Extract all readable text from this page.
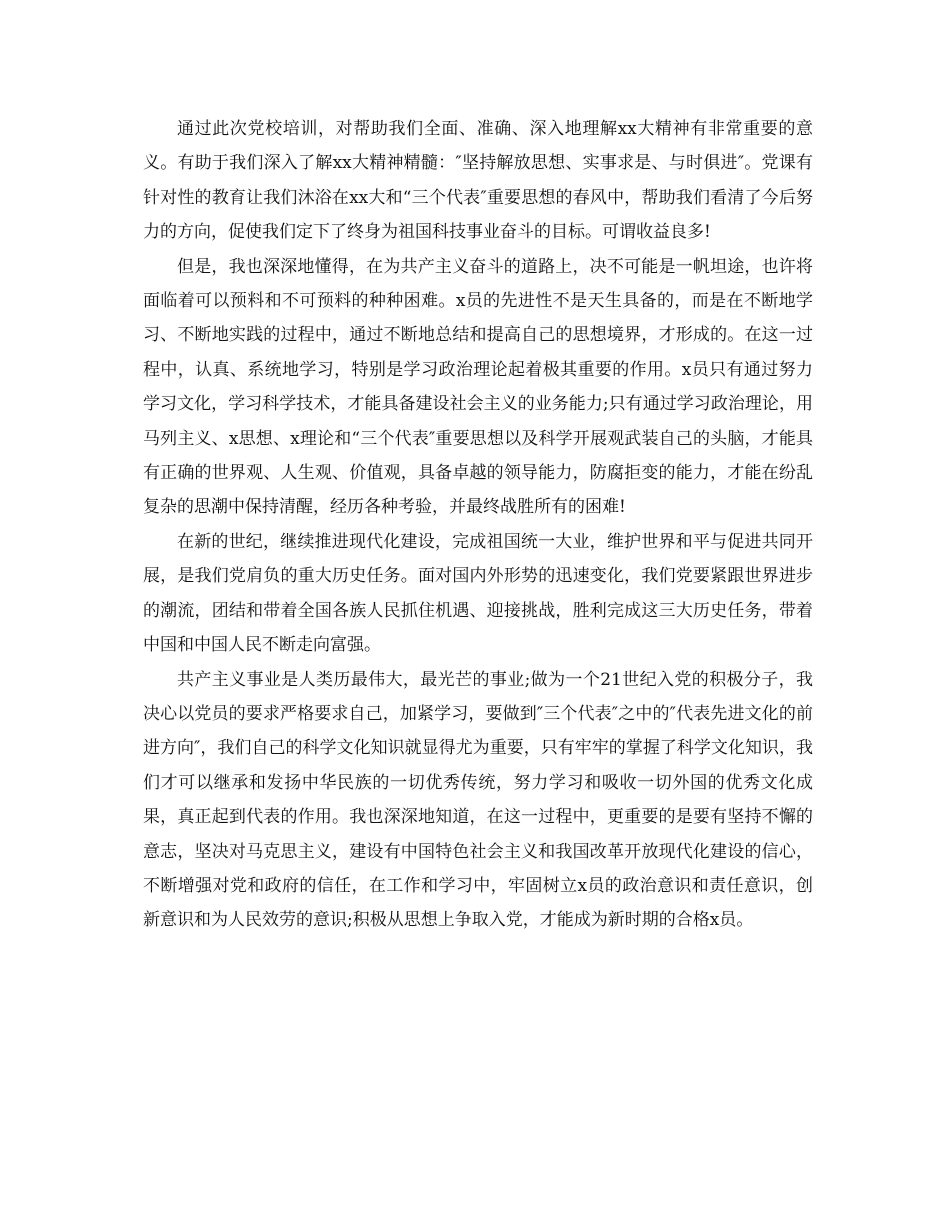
通过此次党校培训，对帮助我们全面、准确、深入地理解xx大精神有非常重要的意义。有助于我们深入了解xx大精神精髓：″坚持解放思想、实事求是、与时俱进″。党课有针对性的教育让我们沐浴在xx大和“三个代表″重要思想的春风中，帮助我们看清了今后努力的方向，促使我们定下了终身为祖国科技事业奋斗的目标。可谓收益良多!

但是，我也深深地懂得，在为共产主义奋斗的道路上，决不可能是一帆坦途，也许将面临着可以预料和不可预料的种种困难。x员的先进性不是天生具备的，而是在不断地学习、不断地实践的过程中，通过不断地总结和提高自己的思想境界，才形成的。在这一过程中，认真、系统地学习，特别是学习政治理论起着极其重要的作用。x员只有通过努力学习文化，学习科学技术，才能具备建设社会主义的业务能力;只有通过学习政治理论，用马列主义、x思想、x理论和“三个代表″重要思想以及科学开展观武装自己的头脑，才能具有正确的世界观、人生观、价值观，具备卓越的领导能力，防腐拒变的能力，才能在纷乱复杂的思潮中保持清醒，经历各种考验，并最终战胜所有的困难!

在新的世纪，继续推进现代化建设，完成祖国统一大业，维护世界和平与促进共同开展，是我们党肩负的重大历史任务。面对国内外形势的迅速变化，我们党要紧跟世界进步的潮流，团结和带着全国各族人民抓住机遇、迎接挑战，胜利完成这三大历史任务，带着中国和中国人民不断走向富强。

共产主义事业是人类历最伟大，最光芒的事业;做为一个21世纪入党的积极分子，我决心以党员的要求严格要求自己，加紧学习，要做到″三个代表″之中的″代表先进文化的前进方向″，我们自己的科学文化知识就显得尤为重要，只有牢牢的掌握了科学文化知识，我们才可以继承和发扬中华民族的一切优秀传统，努力学习和吸收一切外国的优秀文化成果，真正起到代表的作用。我也深深地知道，在这一过程中，更重要的是要有坚持不懈的意志，坚决对马克思主义，建设有中国特色社会主义和我国改革开放现代化建设的信心，不断增强对党和政府的信任，在工作和学习中，牢固树立x员的政治意识和责任意识，创新意识和为人民效劳的意识;积极从思想上争取入党，才能成为新时期的合格x员。
